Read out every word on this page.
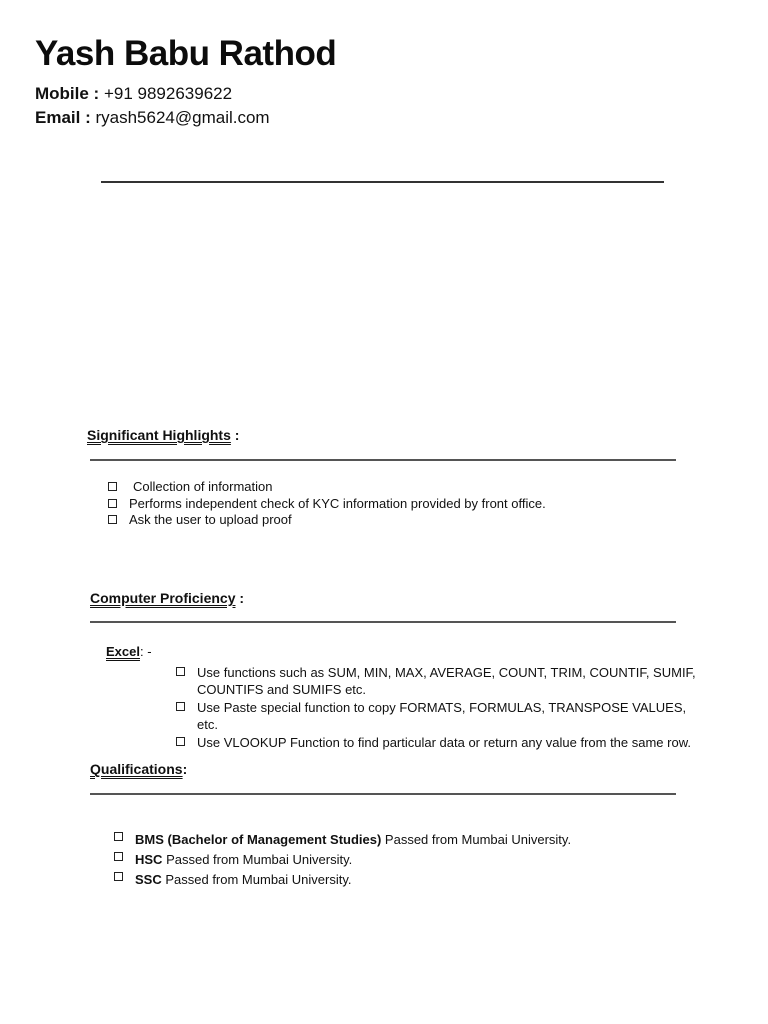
Yash Babu Rathod
Mobile : +91 9892639622
Email : ryash5624@gmail.com
Significant Highlights :
Collection of information
Performs independent check of KYC information provided by front office.
Ask the user to upload proof
Computer Proficiency :
Excel: -
Use functions such as SUM, MIN, MAX, AVERAGE, COUNT, TRIM, COUNTIF, SUMIF, COUNTIFS and SUMIFS etc.
Use Paste special function to copy FORMATS, FORMULAS, TRANSPOSE VALUES, etc.
Use VLOOKUP Function to find particular data or return any value from the same row.
Qualifications:
BMS (Bachelor of Management Studies) Passed from Mumbai University.
HSC Passed from Mumbai University.
SSC Passed from Mumbai University.
